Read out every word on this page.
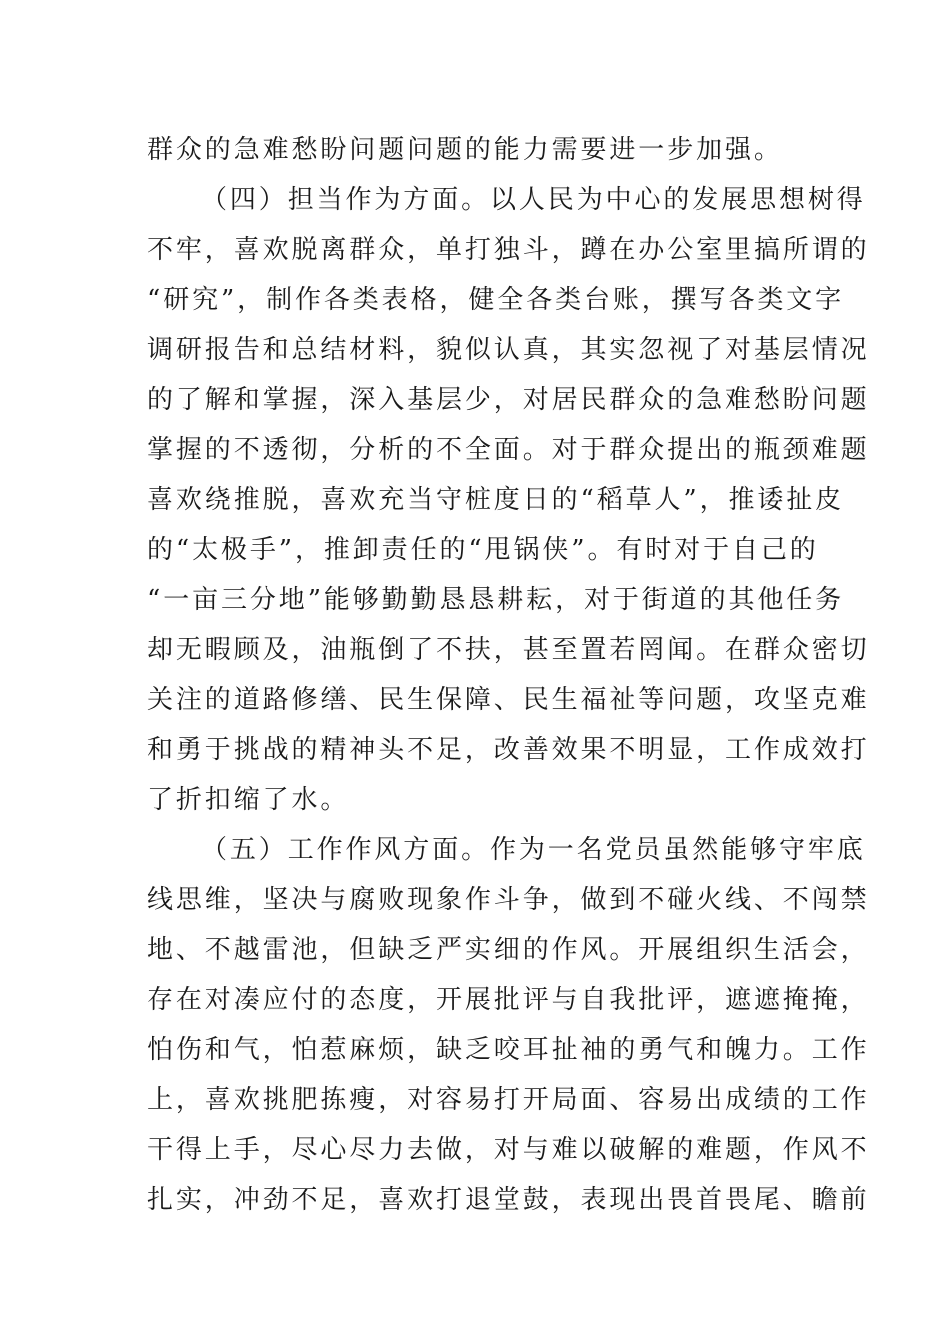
群众的急难愁盼问题问题的能力需要进一步加强。
（四）担当作为方面。以人民为中心的发展思想树得
不牢，喜欢脱离群众，单打独斗，蹲在办公室里搞所谓的
“研究”，制作各类表格，健全各类台账，撰写各类文字
调研报告和总结材料，貌似认真，其实忽视了对基层情况
的了解和掌握，深入基层少，对居民群众的急难愁盼问题
掌握的不透彻，分析的不全面。对于群众提出的瓶颈难题
喜欢绕推脱，喜欢充当守桩度日的“稻草人”，推诿扯皮
的“太极手”，推卸责任的“甩锅侠”。有时对于自己的
“一亩三分地”能够勤勤恳恳耕耘，对于街道的其他任务
却无暇顾及，油瓶倒了不扶，甚至置若罔闻。在群众密切
关注的道路修缮、民生保障、民生福祉等问题，攻坚克难
和勇于挑战的精神头不足，改善效果不明显，工作成效打
了折扣缩了水。
（五）工作作风方面。作为一名党员虽然能够守牢底
线思维，坚决与腐败现象作斗争，做到不碰火线、不闯禁
地、不越雷池，但缺乏严实细的作风。开展组织生活会，
存在对凑应付的态度，开展批评与自我批评，遮遮掩掩，
怕伤和气，怕惹麻烦，缺乏咬耳扯袖的勇气和魄力。工作
上，喜欢挑肥拣瘦，对容易打开局面、容易出成绩的工作
干得上手，尽心尽力去做，对与难以破解的难题，作风不
扎实，冲劲不足，喜欢打退堂鼓，表现出畏首畏尾、瞻前
